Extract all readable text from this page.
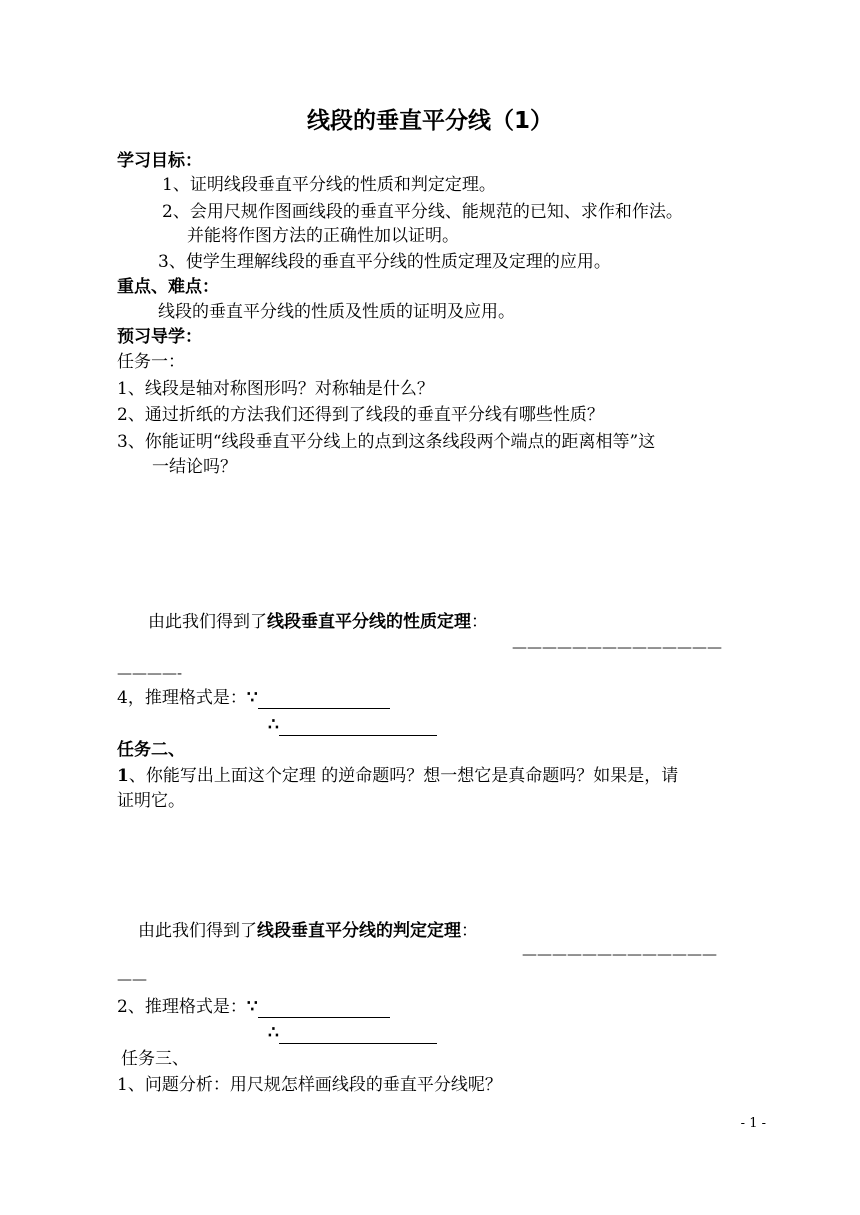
线段的垂直平分线（1）
学习目标：
1、证明线段垂直平分线的性质和判定定理。
2、会用尺规作图画线段的垂直平分线、能规范的已知、求作和作法。
并能将作图方法的正确性加以证明。
3、使学生理解线段的垂直平分线的性质定理及定理的应用。
重点、难点：
线段的垂直平分线的性质及性质的证明及应用。
预习导学：
任务一：
1、线段是轴对称图形吗？对称轴是什么？
2、通过折纸的方法我们还得到了线段的垂直平分线有哪些性质？
3、你能证明“线段垂直平分线上的点到这条线段两个端点的距离相等”这
一结论吗？
由此我们得到了线段垂直平分线的性质定理：
——————————————
————-
4，推理格式是：∵
∴
任务二、
1、你能写出上面这个定理 的逆命题吗？想一想它是真命题吗？如果是，请
证明它。
由此我们得到了线段垂直平分线的判定定理：
—————————————
——
2、推理格式是：∵
∴
任务三、
1、问题分析：用尺规怎样画线段的垂直平分线呢？
- 1 -
